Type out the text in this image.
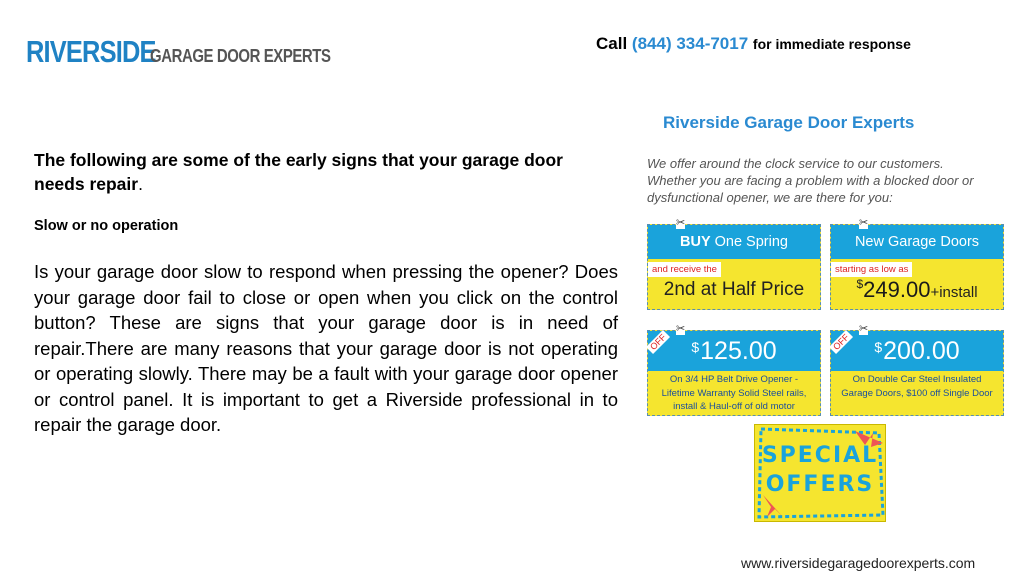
RIVERSIDE
GARAGE DOOR EXPERTS
Call (844) 334-7017 for immediate response
The following are some of the early signs that your garage door needs repair.
Slow or no operation
Is your garage door slow to respond when pressing the opener? Does your garage door fail to close or open when you click on the control button? These are signs that your garage door is in need of repair.There are many reasons that your garage door is not operating or operating slowly. There may be a fault with your garage door opener or control panel. It is important to get a Riverside professional in to repair the garage door.
Riverside Garage Door Experts
We offer around the clock service to our customers. Whether you are facing a problem with a blocked door or dysfunctional opener, we are there for you:
✂
BUY One Spring
and receive the
2nd at Half Price
✂
New Garage Doors
starting as low as
$249.00+install
✂
$ 125.00
OFF
On 3/4 HP Belt Drive Opener - Lifetime Warranty Solid Steel rails, install & Haul-off of old motor
✂
$ 200.00
OFF
On Double Car Steel Insulated Garage Doors, $100 off Single Door
SPECIAL
OFFERS
www.riversidegaragedoorexperts.com
